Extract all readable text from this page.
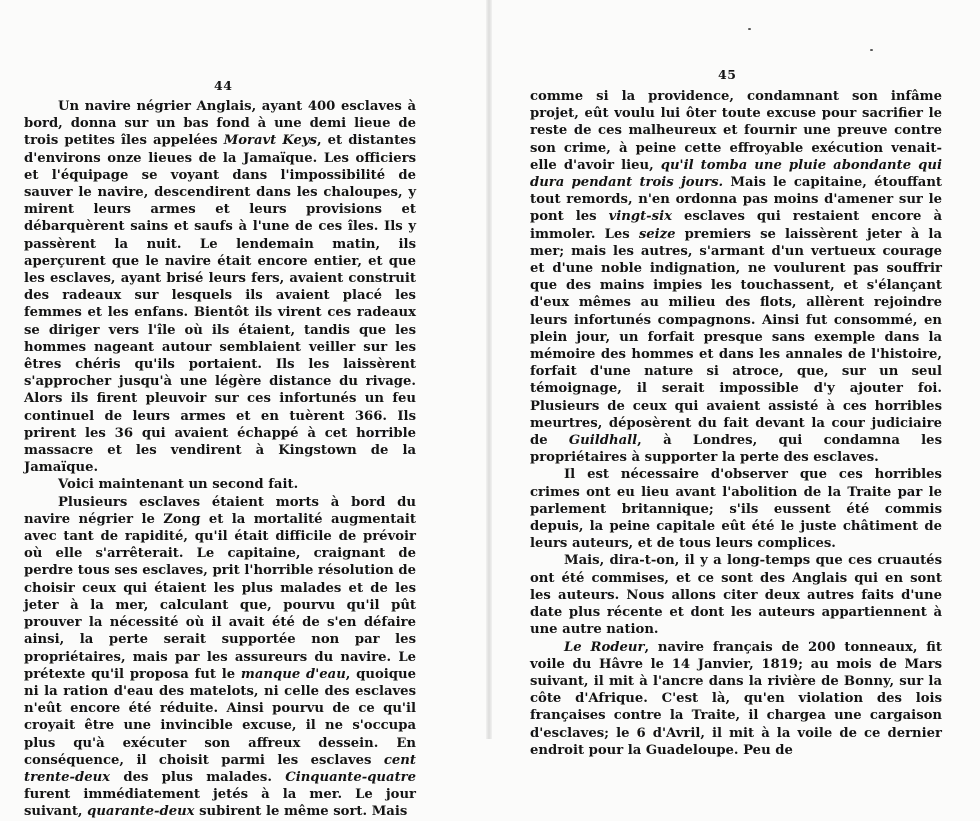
44

Un navire négrier Anglais, ayant 400 esclaves à bord, donna sur un bas fond à une demi lieue de trois petites îles appelées Moravt Keys, et distantes d'environs onze lieues de la Jamaïque. Les officiers et l'équipage se voyant dans l'impossibilité de sauver le navire, descendirent dans les chaloupes, y mirent leurs armes et leurs provisions et débarquèrent sains et saufs à l'une de ces îles. Ils y passèrent la nuit. Le lendemain matin, ils aperçurent que le navire était encore entier, et que les esclaves, ayant brisé leurs fers, avaient construit des radeaux sur lesquels ils avaient placé les femmes et les enfans. Bientôt ils virent ces radeaux se diriger vers l'île où ils étaient, tandis que les hommes nageant autour semblaient veiller sur les êtres chéris qu'ils portaient. Ils les laissèrent s'approcher jusqu'à une légère distance du rivage. Alors ils firent pleuvoir sur ces infortunés un feu continuel de leurs armes et en tuèrent 366. Ils prirent les 36 qui avaient échappé à cet horrible massacre et les vendirent à Kingstown de la Jamaïque.

Voici maintenant un second fait.

Plusieurs esclaves étaient morts à bord du navire négrier le Zong et la mortalité augmentait avec tant de rapidité, qu'il était difficile de prévoir où elle s'arrêterait. Le capitaine, craignant de perdre tous ses esclaves, prit l'horrible résolution de choisir ceux qui étaient les plus malades et de les jeter à la mer, calculant que, pourvu qu'il pût prouver la nécessité où il avait été de s'en défaire ainsi, la perte serait supportée non par les propriétaires, mais par les assureurs du navire. Le prétexte qu'il proposa fut le manque d'eau, quoique ni la ration d'eau des matelots, ni celle des esclaves n'eût encore été réduite. Ainsi pourvu de ce qu'il croyait être une invincible excuse, il ne s'occupa plus qu'à exécuter son affreux dessein. En conséquence, il choisit parmi les esclaves cent trente-deux des plus malades. Cinquante-quatre furent immédiatement jetés à la mer. Le jour suivant, quarante-deux subirent le même sort. Mais

45

comme si la providence, condamnant son infâme projet, eût voulu lui ôter toute excuse pour sacrifier le reste de ces malheureux et fournir une preuve contre son crime, à peine cette effroyable exécution venait-elle d'avoir lieu, qu'il tomba une pluie abondante qui dura pendant trois jours. Mais le capitaine, étouffant tout remords, n'en ordonna pas moins d'amener sur le pont les vingt-six esclaves qui restaient encore à immoler. Les seize premiers se laissèrent jeter à la mer; mais les autres, s'armant d'un vertueux courage et d'une noble indignation, ne voulurent pas souffrir que des mains impies les touchassent, et s'élançant d'eux mêmes au milieu des flots, allèrent rejoindre leurs infortunés compagnons. Ainsi fut consommé, en plein jour, un forfait presque sans exemple dans la mémoire des hommes et dans les annales de l'histoire, forfait d'une nature si atroce, que, sur un seul témoignage, il serait impossible d'y ajouter foi. Plusieurs de ceux qui avaient assisté à ces horribles meurtres, déposèrent du fait devant la cour judiciaire de Guildhall, à Londres, qui condamna les propriétaires à supporter la perte des esclaves.

Il est nécessaire d'observer que ces horribles crimes ont eu lieu avant l'abolition de la Traite par le parlement britannique; s'ils eussent été commis depuis, la peine capitale eût été le juste châtiment de leurs auteurs, et de tous leurs complices.

Mais, dira-t-on, il y a long-temps que ces cruautés ont été commises, et ce sont des Anglais qui en sont les auteurs. Nous allons citer deux autres faits d'une date plus récente et dont les auteurs appartiennent à une autre nation.

Le Rodeur, navire français de 200 tonneaux, fit voile du Hâvre le 14 Janvier, 1819; au mois de Mars suivant, il mit à l'ancre dans la rivière de Bonny, sur la côte d'Afrique. C'est là, qu'en violation des lois françaises contre la Traite, il chargea une cargaison d'esclaves; le 6 d'Avril, il mit à la voile de ce dernier endroit pour la Guadeloupe. Peu de
